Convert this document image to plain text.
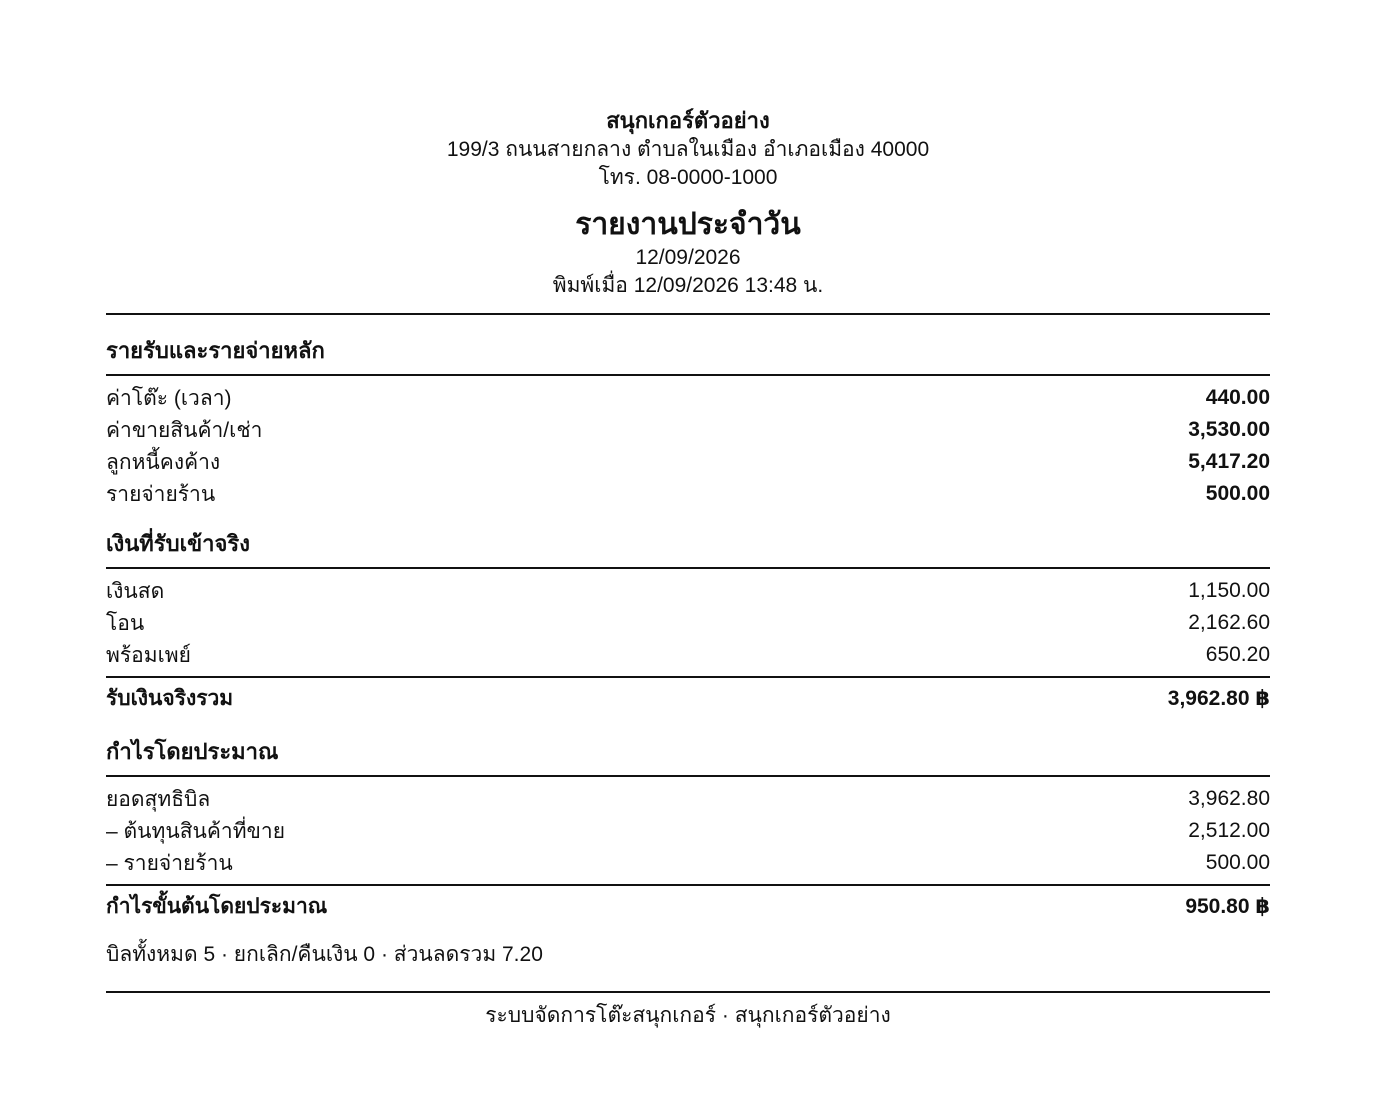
สนุกเกอร์ตัวอย่าง
199/3 ถนนสายกลาง ตำบลในเมือง อำเภอเมือง 40000
โทร. 08-0000-1000
รายงานประจำวัน
12/09/2026
พิมพ์เมื่อ 12/09/2026 13:48 น.
รายรับและรายจ่ายหลัก
ค่าโต๊ะ (เวลา)	440.00
ค่าขายสินค้า/เช่า	3,530.00
ลูกหนี้คงค้าง	5,417.20
รายจ่ายร้าน	500.00
เงินที่รับเข้าจริง
เงินสด	1,150.00
โอน	2,162.60
พร้อมเพย์	650.20
รับเงินจริงรวม	3,962.80 ฿
กำไรโดยประมาณ
ยอดสุทธิบิล	3,962.80
– ต้นทุนสินค้าที่ขาย	2,512.00
– รายจ่ายร้าน	500.00
กำไรขั้นต้นโดยประมาณ	950.80 ฿
บิลทั้งหมด 5 · ยกเลิก/คืนเงิน 0 · ส่วนลดรวม 7.20
ระบบจัดการโต๊ะสนุกเกอร์ · สนุกเกอร์ตัวอย่าง
